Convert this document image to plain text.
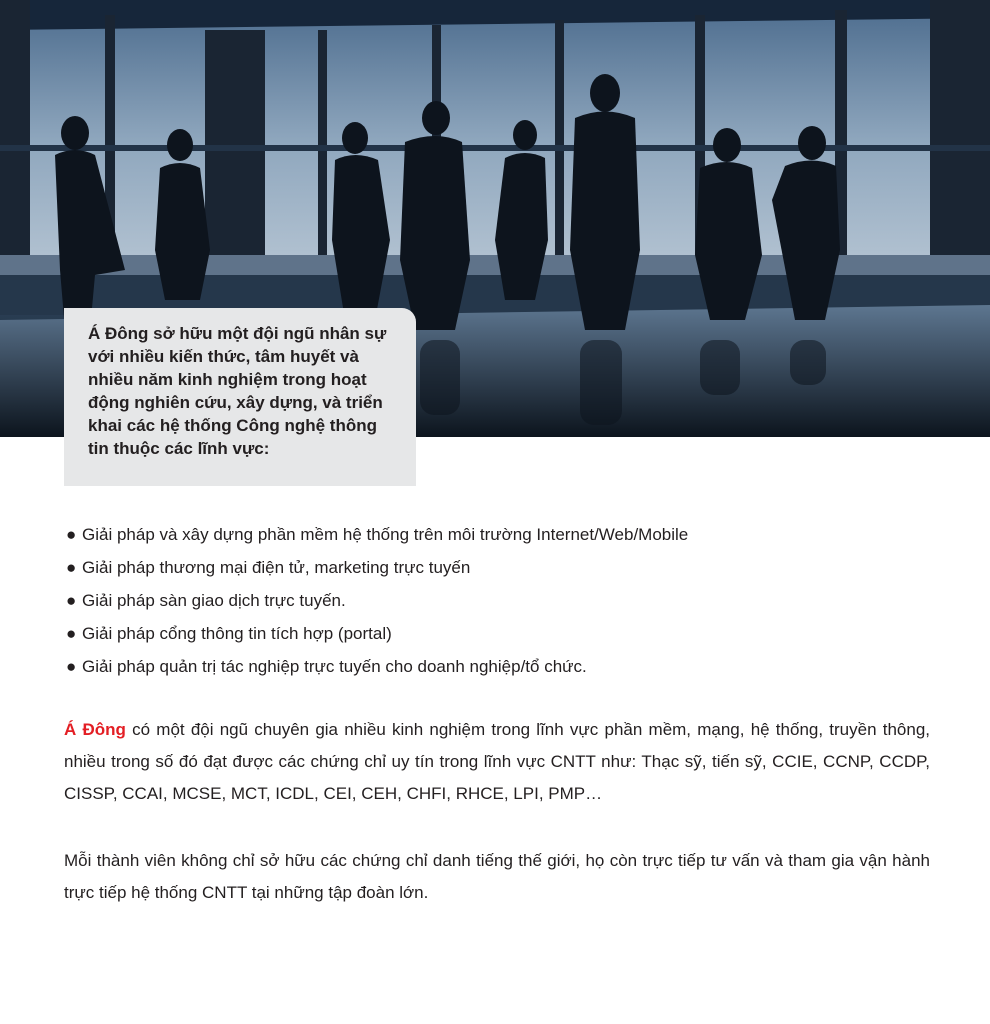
Á Đông sở hữu một đội ngũ nhân sự với nhiều kiến thức, tâm huyết và nhiều năm kinh nghiệm trong hoạt động nghiên cứu, xây dựng, và triển khai các hệ thống Công nghệ thông tin thuộc các lĩnh vực:

● Giải pháp và xây dựng phần mềm hệ thống trên môi trường Internet/Web/Mobile
● Giải pháp thương mại điện tử, marketing trực tuyến
● Giải pháp sàn giao dịch trực tuyến.
● Giải pháp cổng thông tin tích hợp (portal)
● Giải pháp quản trị tác nghiệp trực tuyến cho doanh nghiệp/tổ chức.

Á Đông có một đội ngũ chuyên gia nhiều kinh nghiệm trong lĩnh vực phần mềm, mạng, hệ thống, truyền thông, nhiều trong số đó đạt được các chứng chỉ uy tín trong lĩnh vực CNTT như: Thạc sỹ, tiến sỹ, CCIE, CCNP, CCDP, CISSP, CCAI, MCSE, MCT, ICDL, CEI, CEH, CHFI, RHCE, LPI, PMP…

Mỗi thành viên không chỉ sở hữu các chứng chỉ danh tiếng thế giới, họ còn trực tiếp tư vấn và tham gia vận hành trực tiếp hệ thống CNTT tại những tập đoàn lớn.
